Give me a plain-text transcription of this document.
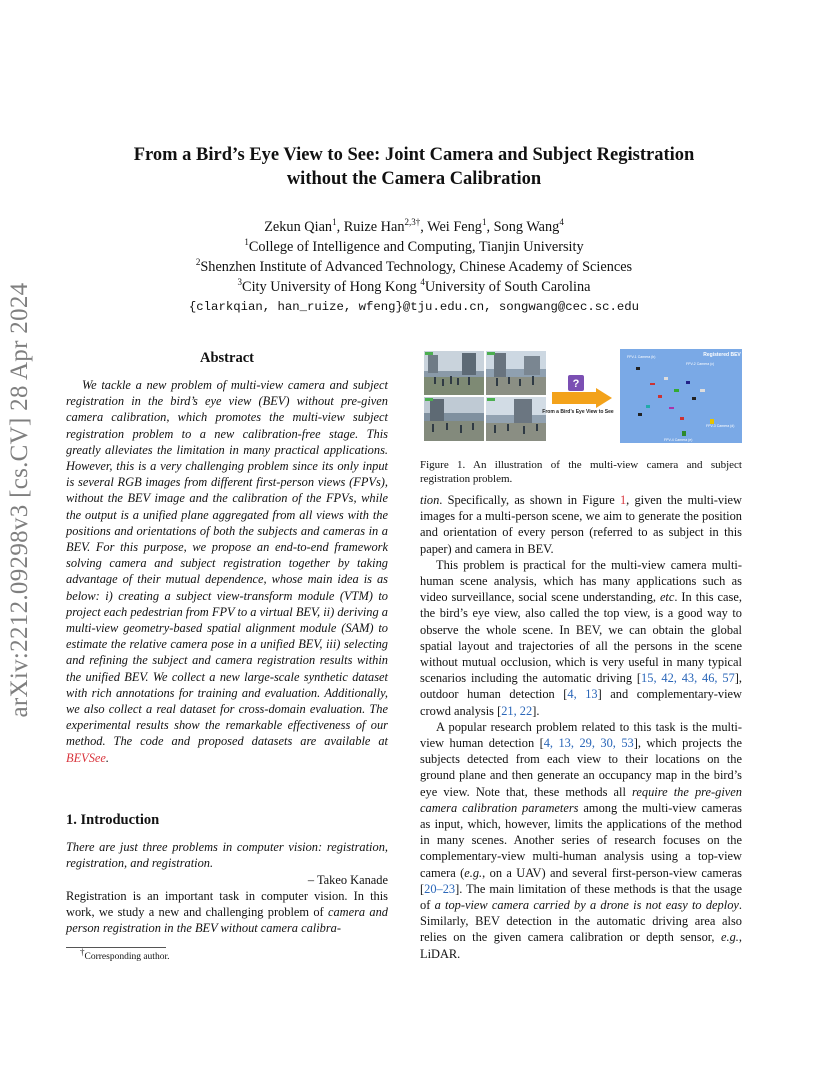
arXiv:2212.09298v3 [cs.CV] 28 Apr 2024
From a Bird’s Eye View to See: Joint Camera and Subject Registration
without the Camera Calibration
Zekun Qian$^1$, Ruize Han$^{2,3\dagger}$, Wei Feng$^1$, Song Wang$^4$
$^1$College of Intelligence and Computing, Tianjin University
$^2$Shenzhen Institute of Advanced Technology, Chinese Academy of Sciences
$^3$City University of Hong Kong $^4$University of South Carolina
{clarkqian, han_ruize, wfeng}@tju.edu.cn, songwang@cec.sc.edu
Abstract

We tackle a new problem of multi-view camera and subject registration in the bird’s eye view (BEV) without pre-given camera calibration, which promotes the multi-view subject registration problem to a new calibration-free stage. This greatly alleviates the limitation in many practical applications. However, this is a very challenging problem since its only input is several RGB images from different first-person views (FPVs), without the BEV image and the calibration of the FPVs, while the output is a unified plane aggregated from all views with the positions and orientations of both the subjects and cameras in a BEV. For this purpose, we propose an end-to-end framework solving camera and subject registration together by taking advantage of their mutual dependence, whose main idea is as below: i) creating a subject view-transform module (VTM) to project each pedestrian from FPV to a virtual BEV, ii) deriving a multi-view geometry-based spatial alignment module (SAM) to estimate the relative camera pose in a unified BEV, iii) selecting and refining the subject and camera registration results within the unified BEV. We collect a new large-scale synthetic dataset with rich annotations for training and evaluation. Additionally, we also collect a real dataset for cross-domain evaluation. The experimental results show the remarkable effectiveness of our method. The code and proposed datasets are available at BEVSee.

1. Introduction
There are just three problems in computer vision: registration, registration, and registration.
– Takeo Kanade

Registration is an important task in computer vision. In this work, we study a new and challenging problem of camera and person registration in the BEV without camera calibra-

†Corresponding author.
?
From a Bird’s Eye View to See
Registered BEV
FPV-1 Camera (b)
FPV-2 Camera (c)
FPV-3 Camera (d)
FPV-4 Camera (e)
Figure 1. An illustration of the multi-view camera and subject registration problem.

tion. Specifically, as shown in Figure 1, given the multi-view images for a multi-person scene, we aim to generate the position and orientation of every person (referred to as subject in this paper) and camera in BEV.

This problem is practical for the multi-view camera multi-human scene analysis, which has many applications such as video surveillance, social scene understanding, etc. In this case, the bird’s eye view, also called the top view, is a good way to observe the whole scene. In BEV, we can obtain the global spatial layout and trajectories of all the persons in the scene without mutual occlusion, which is very useful in many typical scenarios including the automatic driving [15, 42, 43, 46, 57], outdoor human detection [4, 13] and complementary-view crowd analysis [21, 22].

A popular research problem related to this task is the multi-view human detection [4, 13, 29, 30, 53], which projects the subjects detected from each view to their locations on the ground plane and then generate an occupancy map in the bird’s eye view. Note that, these methods all require the pre-given camera calibration parameters among the multi-view cameras as input, which, however, limits the applications of the method in many scenes. Another series of research focuses on the complementary-view multi-human analysis using a top-view camera (e.g., on a UAV) and several first-person-view cameras [20–23]. The main limitation of these methods is that the usage of a top-view camera carried by a drone is not easy to deploy. Similarly, BEV detection in the automatic driving area also relies on the given camera calibration or depth sensor, e.g., LiDAR.
